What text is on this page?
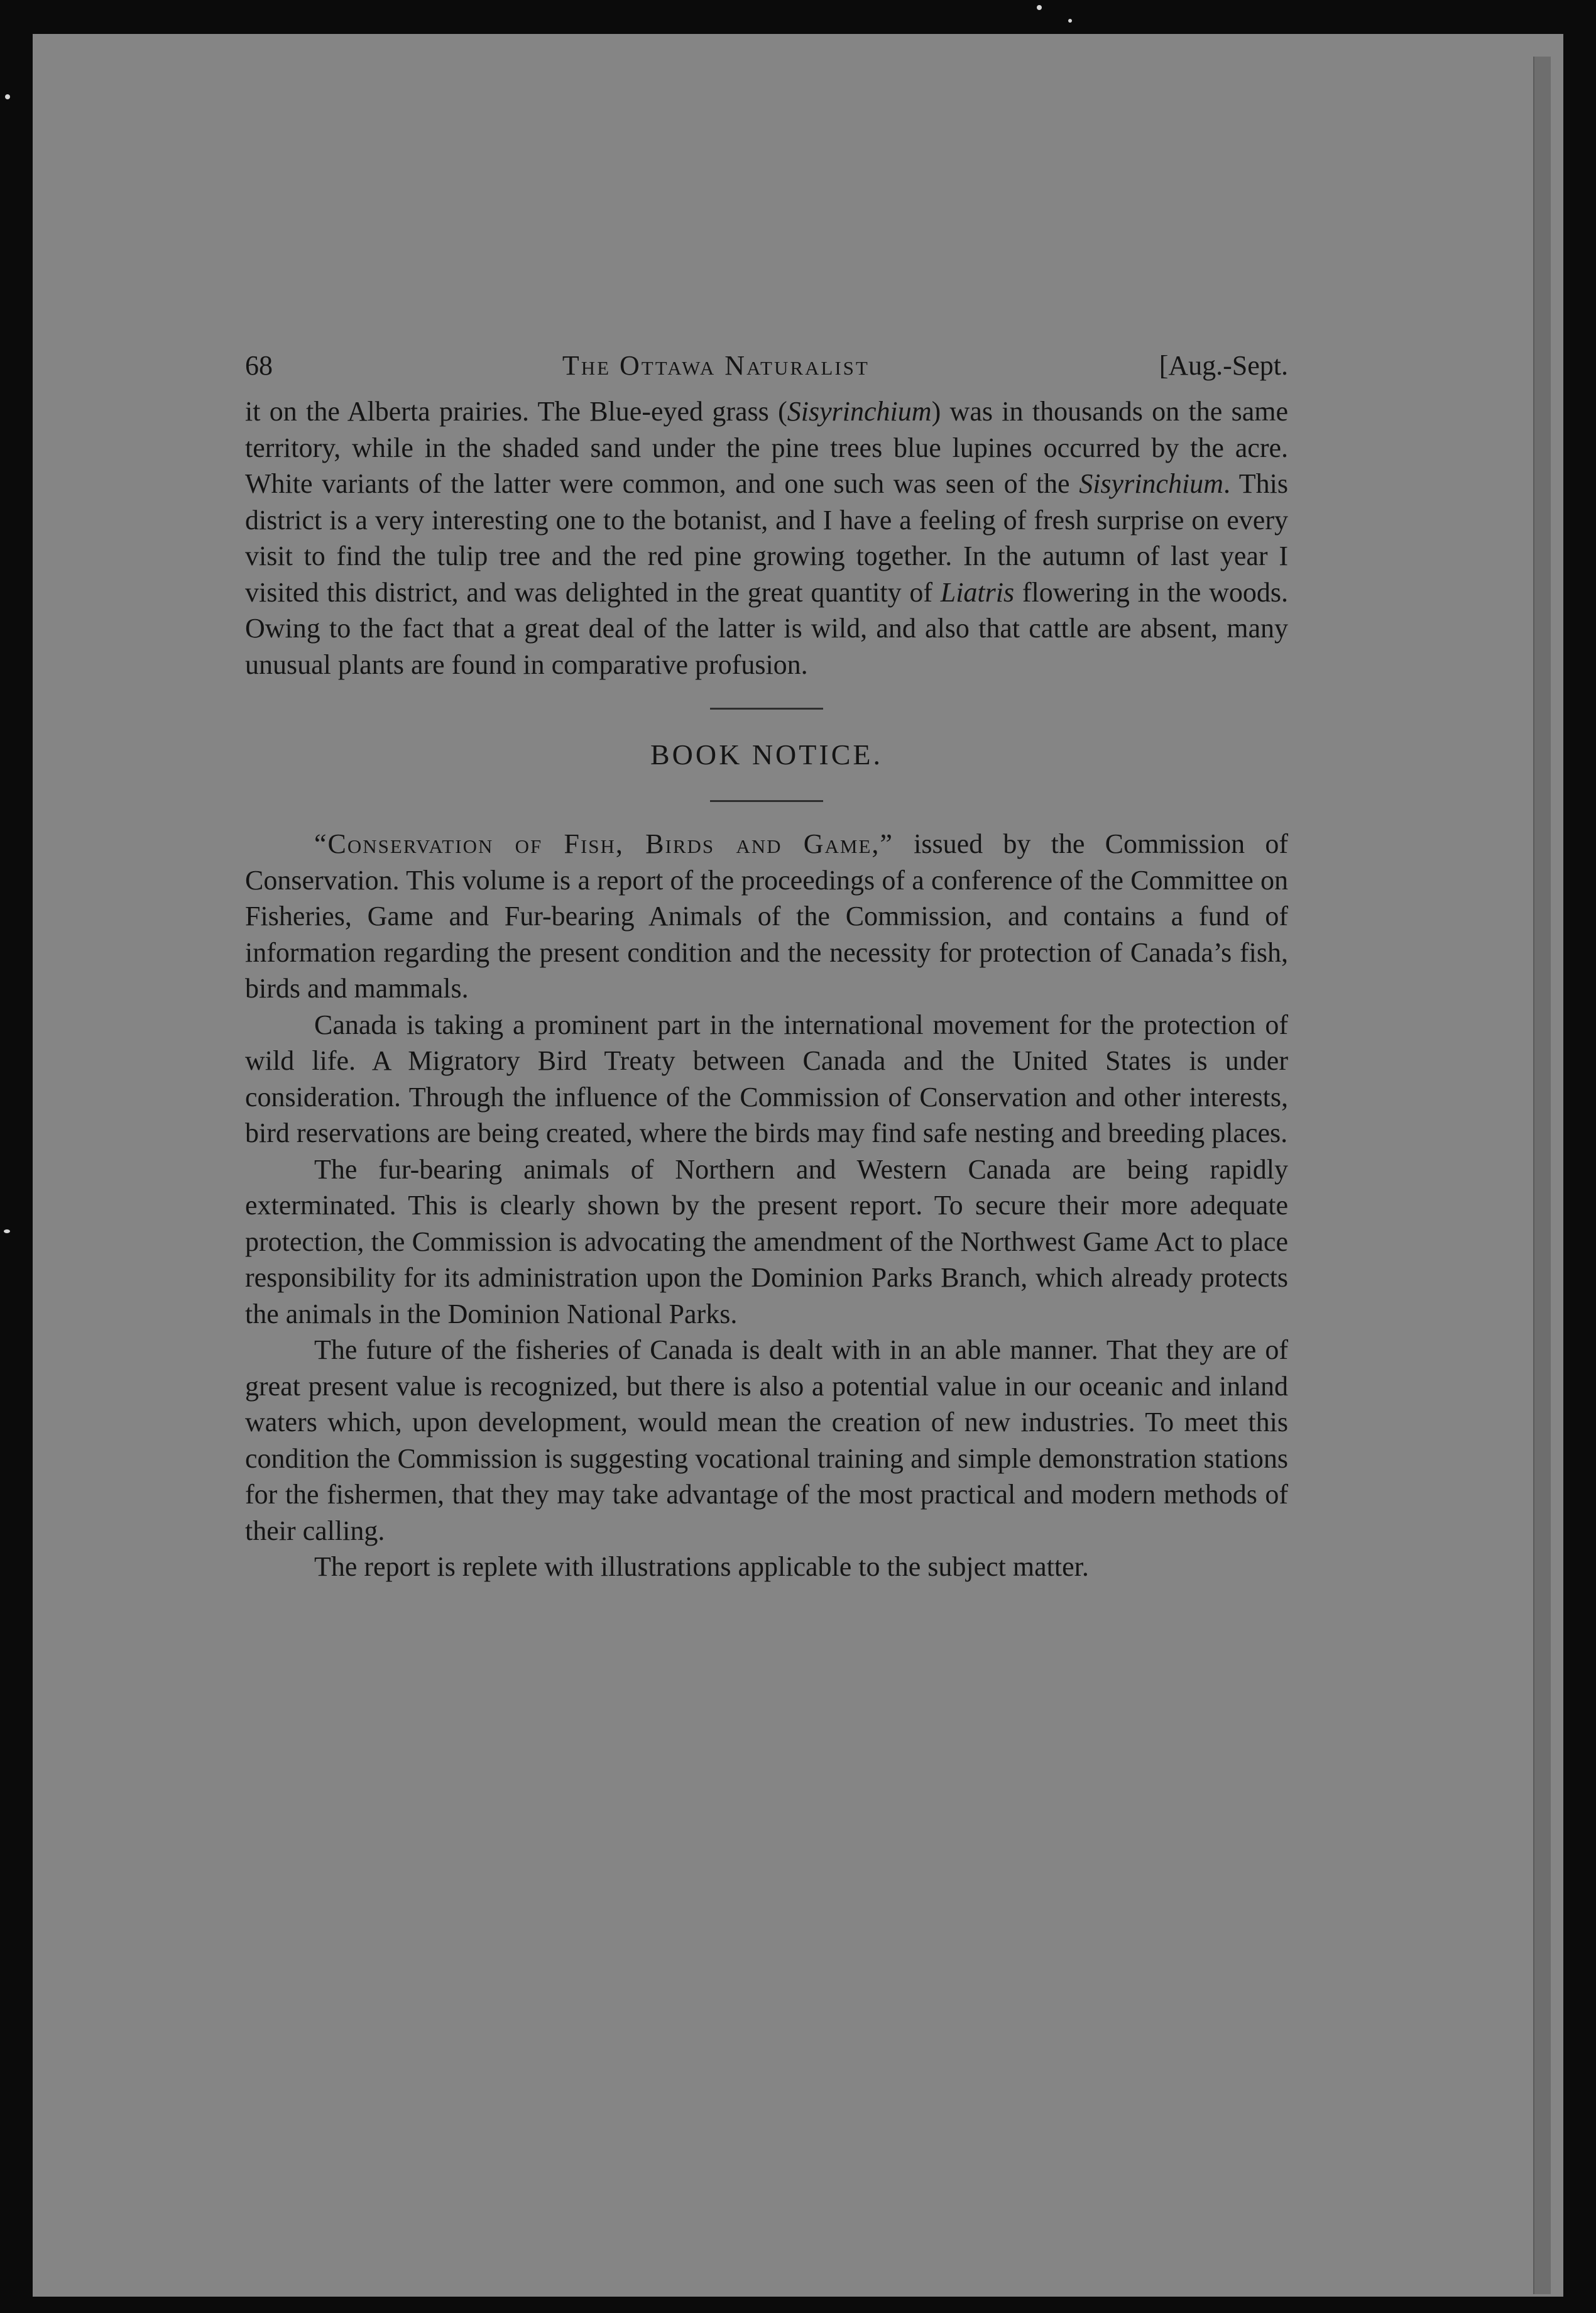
68	The Ottawa Naturalist	[Aug.-Sept.

it on the Alberta prairies. The Blue-eyed grass (Sisyrinchium) was in thousands on the same territory, while in the shaded sand under the pine trees blue lupines occurred by the acre. White variants of the latter were common, and one such was seen of the Sisyrinchium. This district is a very interesting one to the botanist, and I have a feeling of fresh surprise on every visit to find the tulip tree and the red pine growing together. In the autumn of last year I visited this district, and was delighted in the great quantity of Liatris flowering in the woods. Owing to the fact that a great deal of the latter is wild, and also that cattle are absent, many unusual plants are found in comparative profusion.

BOOK NOTICE.

“Conservation of Fish, Birds and Game,” issued by the Commission of Conservation. This volume is a report of the proceedings of a conference of the Committee on Fisheries, Game and Fur-bearing Animals of the Commission, and contains a fund of information regarding the present condition and the necessity for protection of Canada’s fish, birds and mammals.

Canada is taking a prominent part in the international movement for the protection of wild life. A Migratory Bird Treaty between Canada and the United States is under consideration. Through the influence of the Commission of Conservation and other interests, bird reservations are being created, where the birds may find safe nesting and breeding places.

The fur-bearing animals of Northern and Western Canada are being rapidly exterminated. This is clearly shown by the present report. To secure their more adequate protection, the Commission is advocating the amendment of the Northwest Game Act to place responsibility for its administration upon the Dominion Parks Branch, which already protects the animals in the Dominion National Parks.

The future of the fisheries of Canada is dealt with in an able manner. That they are of great present value is recognized, but there is also a potential value in our oceanic and inland waters which, upon development, would mean the creation of new industries. To meet this condition the Commission is suggesting vocational training and simple demonstration stations for the fishermen, that they may take advantage of the most practical and modern methods of their calling.

The report is replete with illustrations applicable to the subject matter.
